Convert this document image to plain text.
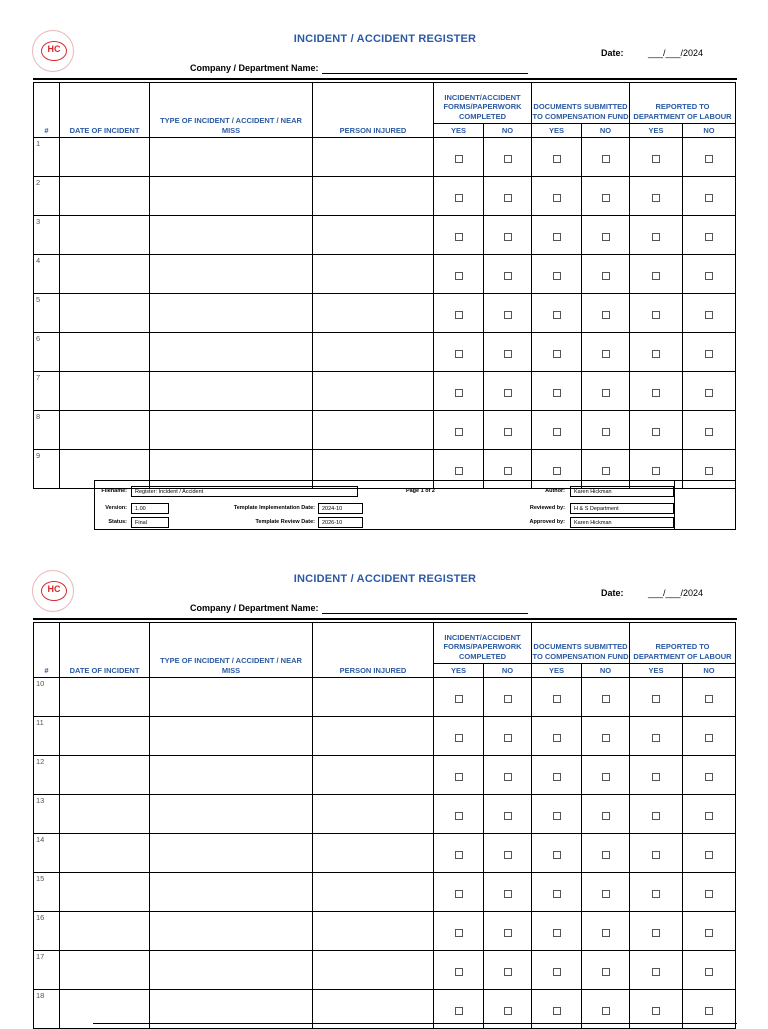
HC
INCIDENT / ACCIDENT REGISTER
Date:	___/___/2024
Company / Department Name:
#	DATE OF INCIDENT	TYPE OF INCIDENT / ACCIDENT / NEAR MISS	PERSON INJURED	INCIDENT/ACCIDENT FORMS/PAPERWORK COMPLETED		DOCUMENTS SUBMITTED TO COMPENSATION FUND		REPORTED TO DEPARTMENT OF LABOUR	
				YES	NO	YES	NO	YES	NO
1									
2									
3									
4									
5									
6									
7									
8									
9									
Filename:	Register: Incident / Accident
Version:	1.00
Status:	Final
Template Implementation Date:	2024-10
Template Review Date:	2026-10
Page 1 of 2	Author:	Karen Hickman
Reviewed by:	H & S Department
Approved by:	Karen Hickman
HC
INCIDENT / ACCIDENT REGISTER
Date:	___/___/2024
Company / Department Name:
#	DATE OF INCIDENT	TYPE OF INCIDENT / ACCIDENT / NEAR MISS	PERSON INJURED	INCIDENT/ACCIDENT FORMS/PAPERWORK COMPLETED		DOCUMENTS SUBMITTED TO COMPENSATION FUND		REPORTED TO DEPARTMENT OF LABOUR	
				YES	NO	YES	NO	YES	NO
10									
11									
12									
13									
14									
15									
16									
17									
18									
